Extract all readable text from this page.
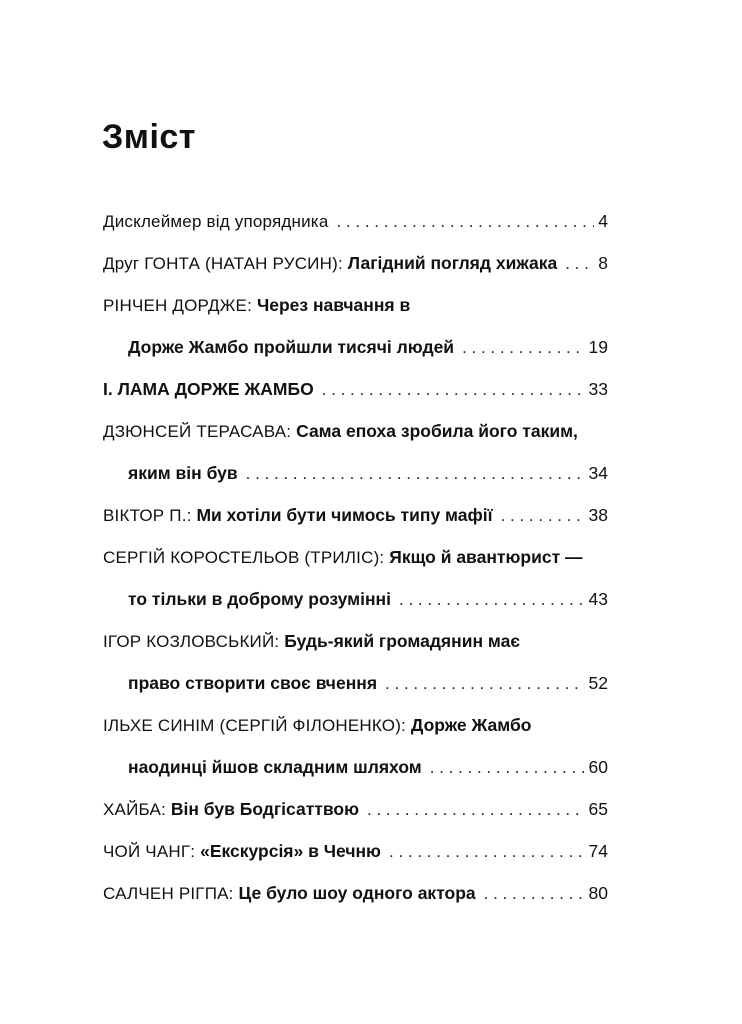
Зміст
Дисклеймер від упорядника . . .	4
Друг ГОНТА (НАТАН РУСИН): Лагідний погляд хижака . . . 8
РІНЧЕН ДОРДЖЕ: Через навчання в
Дорже Жамбо пройшли тисячі людей . . .	19
І. ЛАМА ДОРЖЕ ЖАМБО . . .	33
ДЗЮНСЕЙ ТЕРАСАВА: Сама епоха зробила його таким,
яким він був . . .	34
ВІКТОР П.: Ми хотіли бути чимось типу мафії . . .	38
СЕРГІЙ КОРОСТЕЛЬОВ (ТРИЛІС): Якщо й авантюрист —
то тільки в доброму розумінні . . .	43
ІГОР КОЗЛОВСЬКИЙ: Будь-який громадянин має
право створити своє вчення . . .	52
ІЛЬХЕ СИНІМ (СЕРГІЙ ФІЛОНЕНКО): Дорже Жамбо
наодинці йшов складним шляхом . . .	60
ХАЙБА: Він був Бодгісаттвою . . .	65
ЧОЙ ЧАНГ: «Екскурсія» в Чечню . . .	74
САЛЧЕН РІГПА: Це було шоу одного актора . . .	80
